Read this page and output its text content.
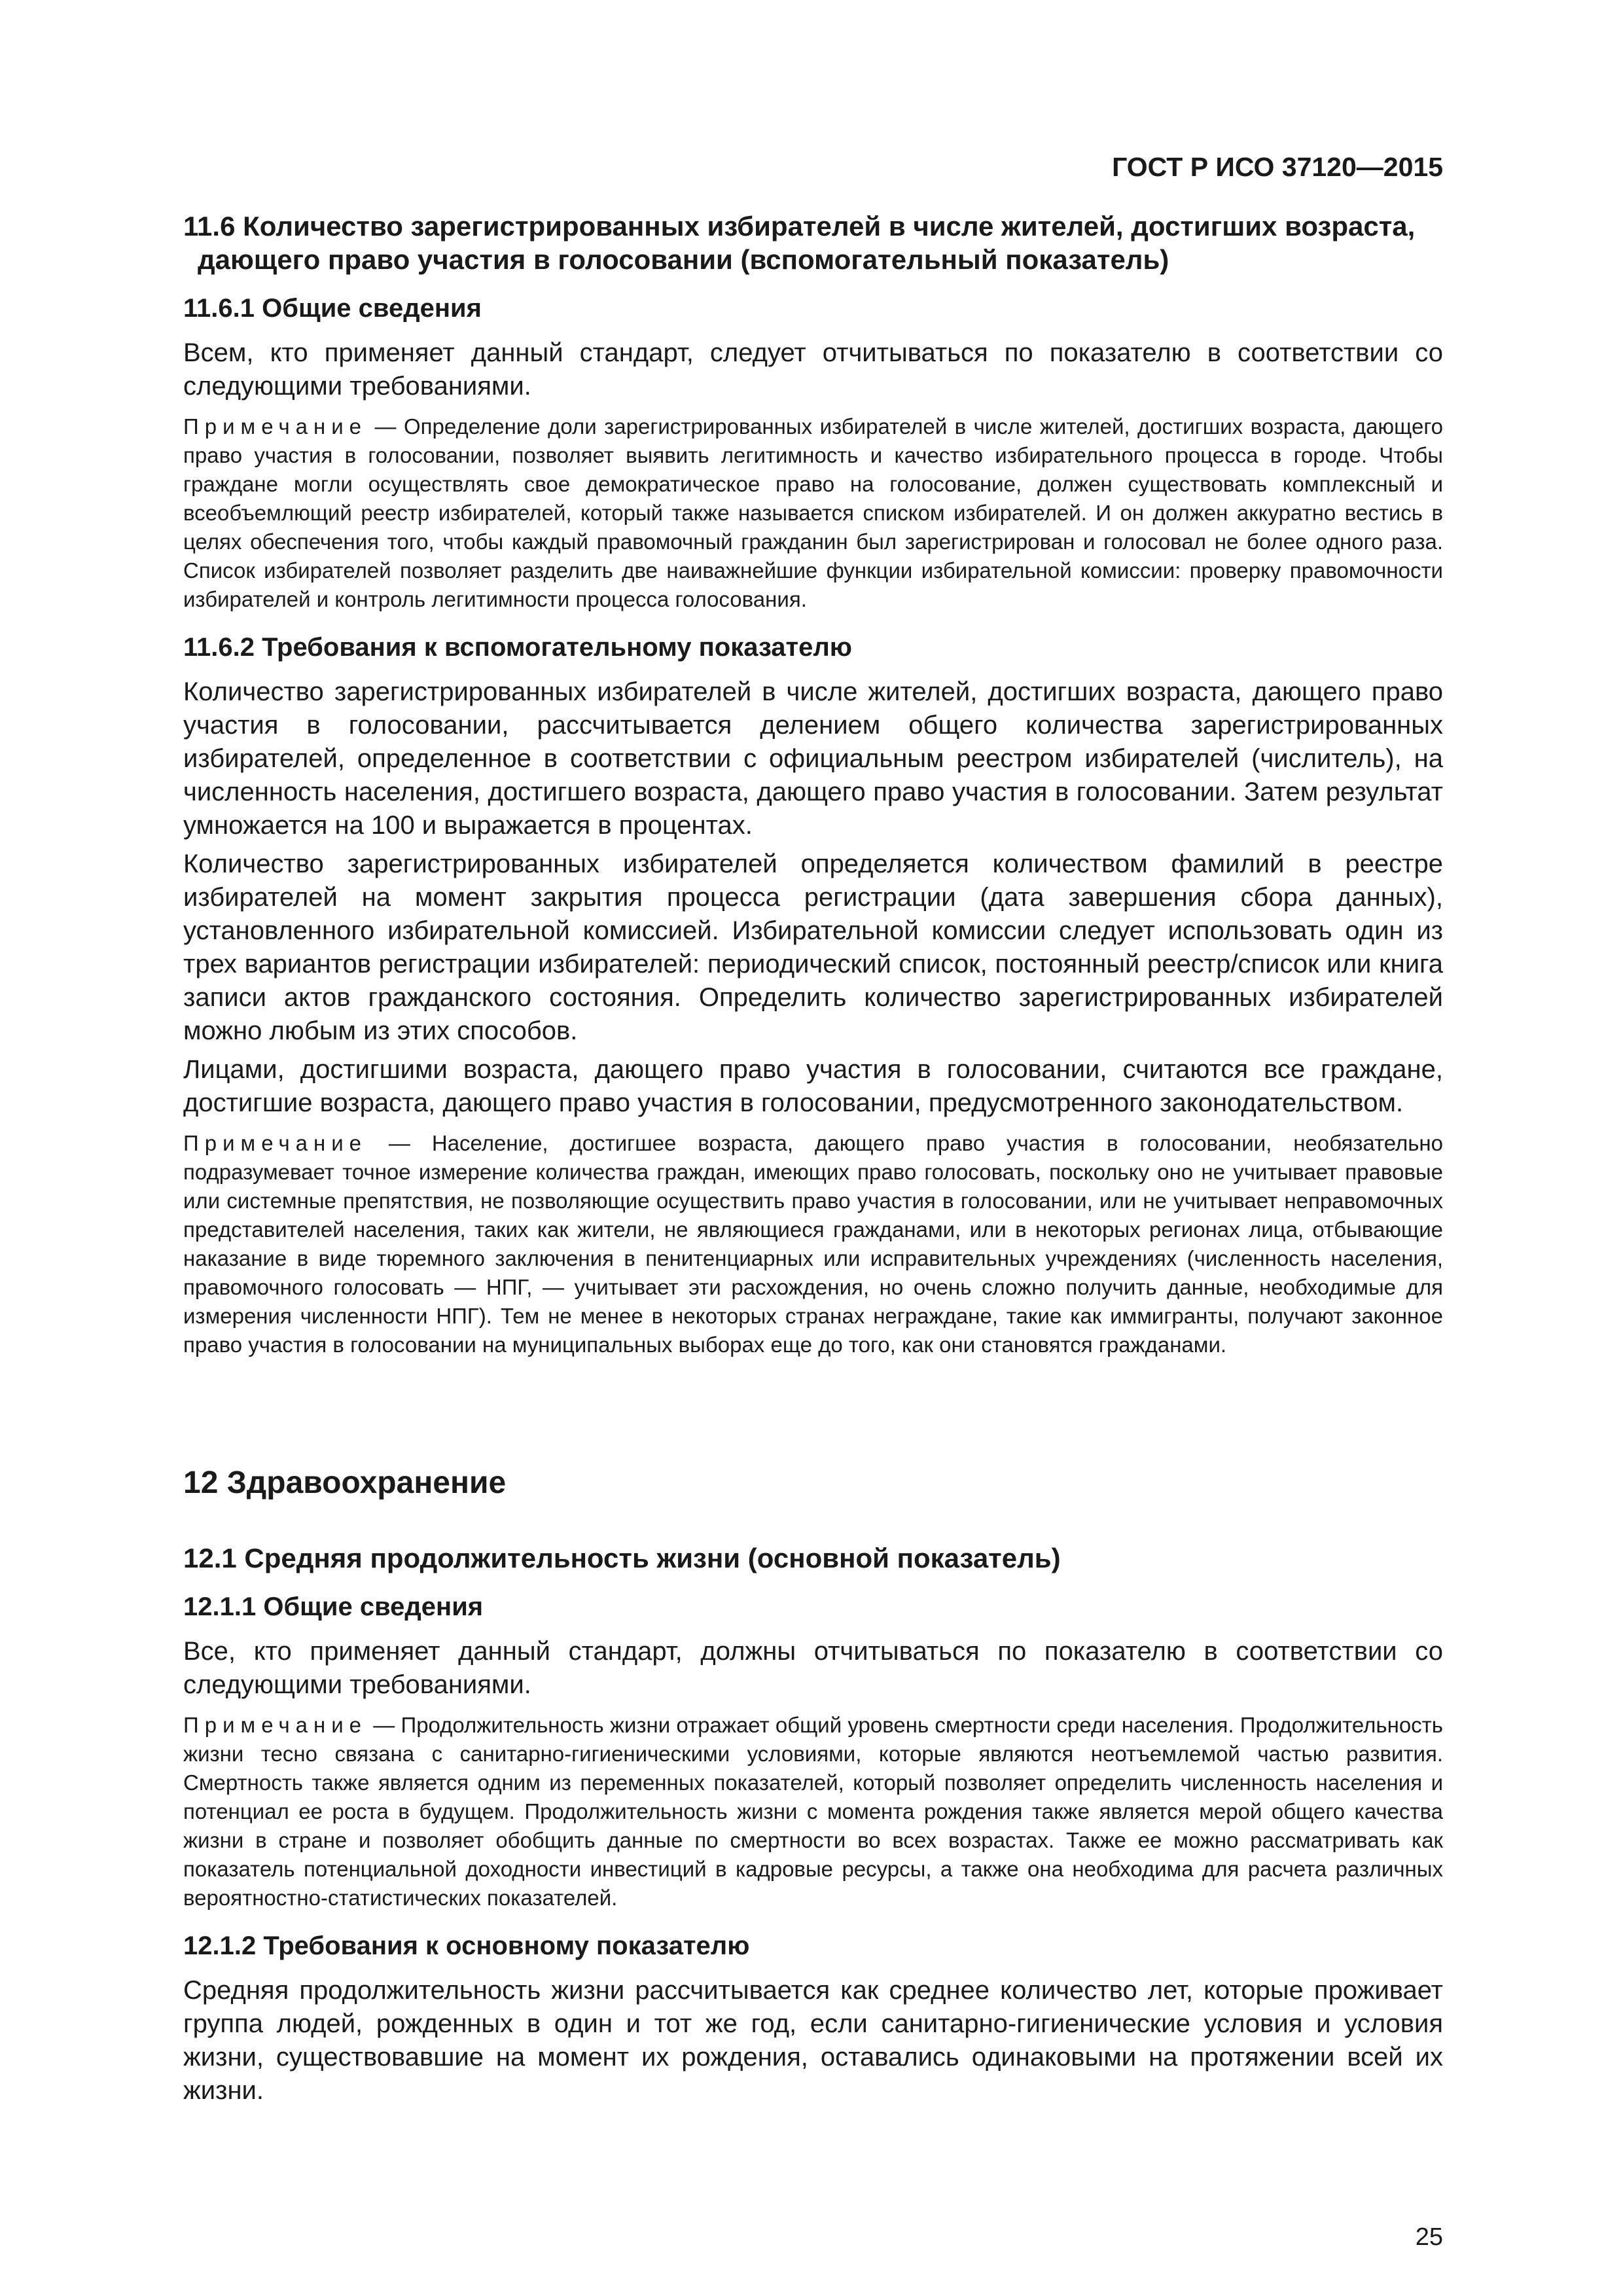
ГОСТ Р ИСО 37120—2015
11.6 Количество зарегистрированных избирателей в числе жителей, достигших возраста, дающего право участия в голосовании (вспомогательный показатель)
11.6.1 Общие сведения

Всем, кто применяет данный стандарт, следует отчитываться по показателю в соответствии со следующими требованиями.

Примечание — Определение доли зарегистрированных избирателей в числе жителей, достигших возраста, дающего право участия в голосовании, позволяет выявить легитимность и качество избирательного процесса в городе. Чтобы граждане могли осуществлять свое демократическое право на голосование, должен существовать комплексный и всеобъемлющий реестр избирателей, который также называется списком избирателей. И он должен аккуратно вестись в целях обеспечения того, чтобы каждый правомочный гражданин был зарегистрирован и голосовал не более одного раза. Список избирателей позволяет разделить две наиважнейшие функции избирательной комиссии: проверку правомочности избирателей и контроль легитимности процесса голосования.

11.6.2 Требования к вспомогательному показателю

Количество зарегистрированных избирателей в числе жителей, достигших возраста, дающего право участия в голосовании, рассчитывается делением общего количества зарегистрированных избирателей, определенное в соответствии с официальным реестром избирателей (числитель), на численность населения, достигшего возраста, дающего право участия в голосовании. Затем результат умножается на 100 и выражается в процентах.

Количество зарегистрированных избирателей определяется количеством фамилий в реестре избирателей на момент закрытия процесса регистрации (дата завершения сбора данных), установленного избирательной комиссией. Избирательной комиссии следует использовать один из трех вариантов регистрации избирателей: периодический список, постоянный реестр/список или книга записи актов гражданского состояния. Определить количество зарегистрированных избирателей можно любым из этих способов.

Лицами, достигшими возраста, дающего право участия в голосовании, считаются все граждане, достигшие возраста, дающего право участия в голосовании, предусмотренного законодательством.

Примечание — Население, достигшее возраста, дающего право участия в голосовании, необязательно подразумевает точное измерение количества граждан, имеющих право голосовать, поскольку оно не учитывает правовые или системные препятствия, не позволяющие осуществить право участия в голосовании, или не учитывает неправомочных представителей населения, таких как жители, не являющиеся гражданами, или в некоторых регионах лица, отбывающие наказание в виде тюремного заключения в пенитенциарных или исправительных учреждениях (численность населения, правомочного голосовать — НПГ, — учитывает эти расхождения, но очень сложно получить данные, необходимые для измерения численности НПГ). Тем не менее в некоторых странах неграждане, такие как иммигранты, получают законное право участия в голосовании на муниципальных выборах еще до того, как они становятся гражданами.

12 Здравоохранение
12.1 Средняя продолжительность жизни (основной показатель)
12.1.1 Общие сведения

Все, кто применяет данный стандарт, должны отчитываться по показателю в соответствии со следующими требованиями.

Примечание — Продолжительность жизни отражает общий уровень смертности среди населения. Продолжительность жизни тесно связана с санитарно-гигиеническими условиями, которые являются неотъемлемой частью развития. Смертность также является одним из переменных показателей, который позволяет определить численность населения и потенциал ее роста в будущем. Продолжительность жизни с момента рождения также является мерой общего качества жизни в стране и позволяет обобщить данные по смертности во всех возрастах. Также ее можно рассматривать как показатель потенциальной доходности инвестиций в кадровые ресурсы, а также она необходима для расчета различных вероятностно-статистических показателей.

12.1.2 Требования к основному показателю

Средняя продолжительность жизни рассчитывается как среднее количество лет, которые проживает группа людей, рожденных в один и тот же год, если санитарно-гигиенические условия и условия жизни, существовавшие на момент их рождения, оставались одинаковыми на протяжении всей их жизни.

25
